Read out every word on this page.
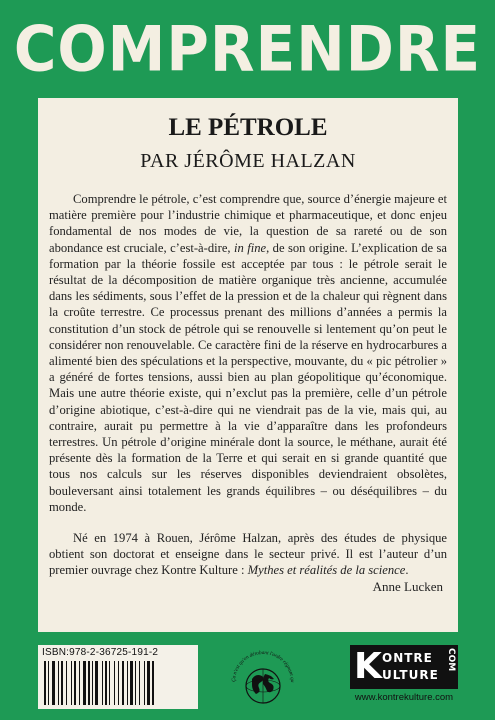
COMPRENDRE
LE PÉTROLE
PAR JÉRÔME HALZAN

Comprendre le pétrole, c’est comprendre que, source d’énergie majeure et matière première pour l’industrie chimique et pharmaceutique, et donc enjeu fondamental de nos modes de vie, la question de sa rareté ou de son abondance est cruciale, c’est-à-dire, in fine, de son origine. L’explication de sa formation par la théorie fossile est acceptée par tous : le pétrole serait le résultat de la décomposition de matière organique très ancienne, accumulée dans les sédiments, sous l’effet de la pression et de la chaleur qui règnent dans la croûte terrestre. Ce processus prenant des millions d’années a permis la constitution d’un stock de pétrole qui se renouvelle si lentement qu’on peut le considérer non renouvelable. Ce caractère fini de la réserve en hydrocarbures a alimenté bien des spéculations et la perspective, mouvante, du « pic pétrolier » a généré de fortes tensions, aussi bien au plan géopolitique qu’économique. Mais une autre théorie existe, qui n’exclut pas la première, celle d’un pétrole d’origine abiotique, c’est-à-dire qui ne viendrait pas de la vie, mais qui, au contraire, aurait pu permettre à la vie d’apparaître dans les profondeurs terrestres. Un pétrole d’origine minérale dont la source, le méthane, aurait été présente dès la formation de la Terre et qui serait en si grande quantité que tous nos calculs sur les réserves disponibles deviendraient obsolètes, bouleversant ainsi totalement les grands équilibres – ou déséquilibres – du monde.

Né en 1974 à Rouen, Jérôme Halzan, après des études de physique obtient son doctorat et enseigne dans le secteur privé. Il est l’auteur d’un premier ouvrage chez Kontre Kulture : Mythes et réalités de la science.

Anne Lucken
ISBN:978-2-36725-191-2
Ça n'est qu'en dérobant l'ordre régnant qu K ONTRE
ULTURE
COM
www.kontrekulture.com
